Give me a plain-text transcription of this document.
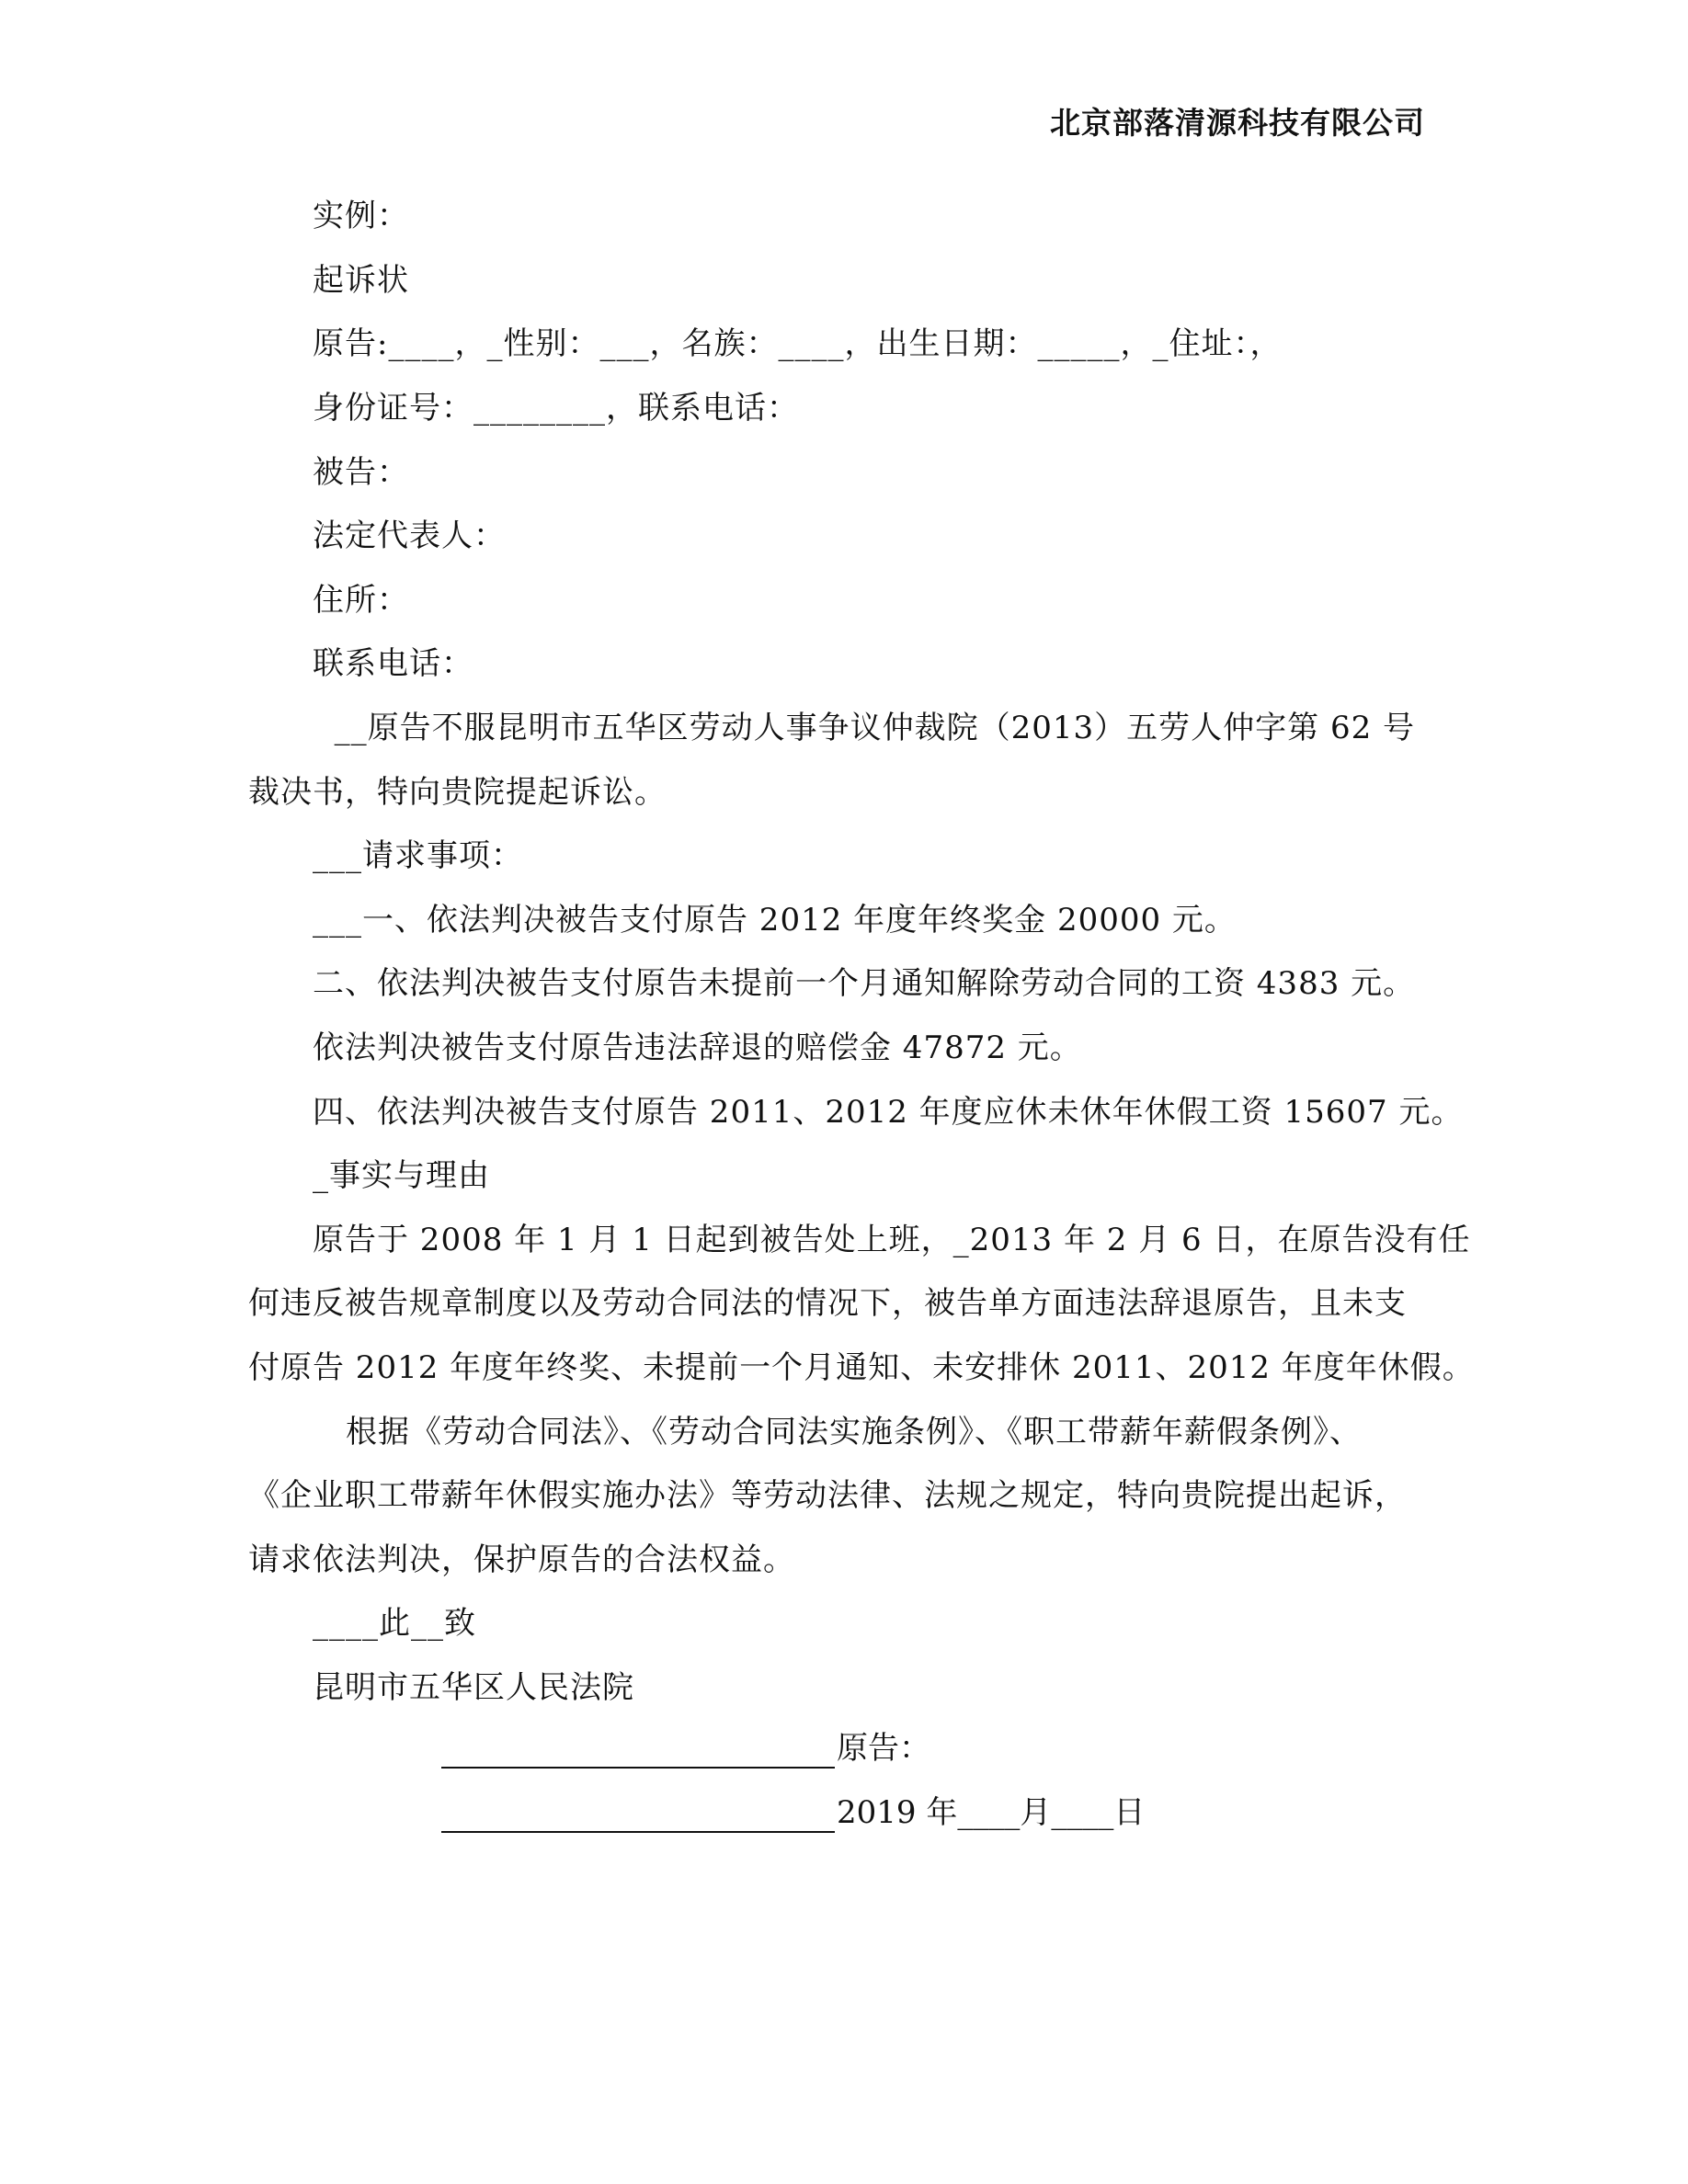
北京部落清源科技有限公司
实例：
起诉状
原告:____，_性别：___，名族：____，出生日期：_____，_住址：，
身份证号：________，联系电话：
被告：
法定代表人：
住所：
联系电话：
__原告不服昆明市五华区劳动人事争议仲裁院（2013）五劳人仲字第 62 号
裁决书，特向贵院提起诉讼。
___请求事项：
___一、依法判决被告支付原告 2012 年度年终奖金 20000 元。
二、依法判决被告支付原告未提前一个月通知解除劳动合同的工资 4383 元。
依法判决被告支付原告违法辞退的赔偿金 47872 元。
四、依法判决被告支付原告 2011、2012 年度应休未休年休假工资 15607 元。
_事实与理由
原告于 2008 年 1 月 1 日起到被告处上班，_2013 年 2 月 6 日，在原告没有任
何违反被告规章制度以及劳动合同法的情况下，被告单方面违法辞退原告，且未支
付原告 2012 年度年终奖、未提前一个月通知、未安排休 2011、2012 年度年休假。
根据《劳动合同法》、《劳动合同法实施条例》、《职工带薪年薪假条例》、
《企业职工带薪年休假实施办法》等劳动法律、法规之规定，特向贵院提出起诉，
请求依法判决，保护原告的合法权益。
____此__致
昆明市五华区人民法院
原告：
2019 年____月____日
